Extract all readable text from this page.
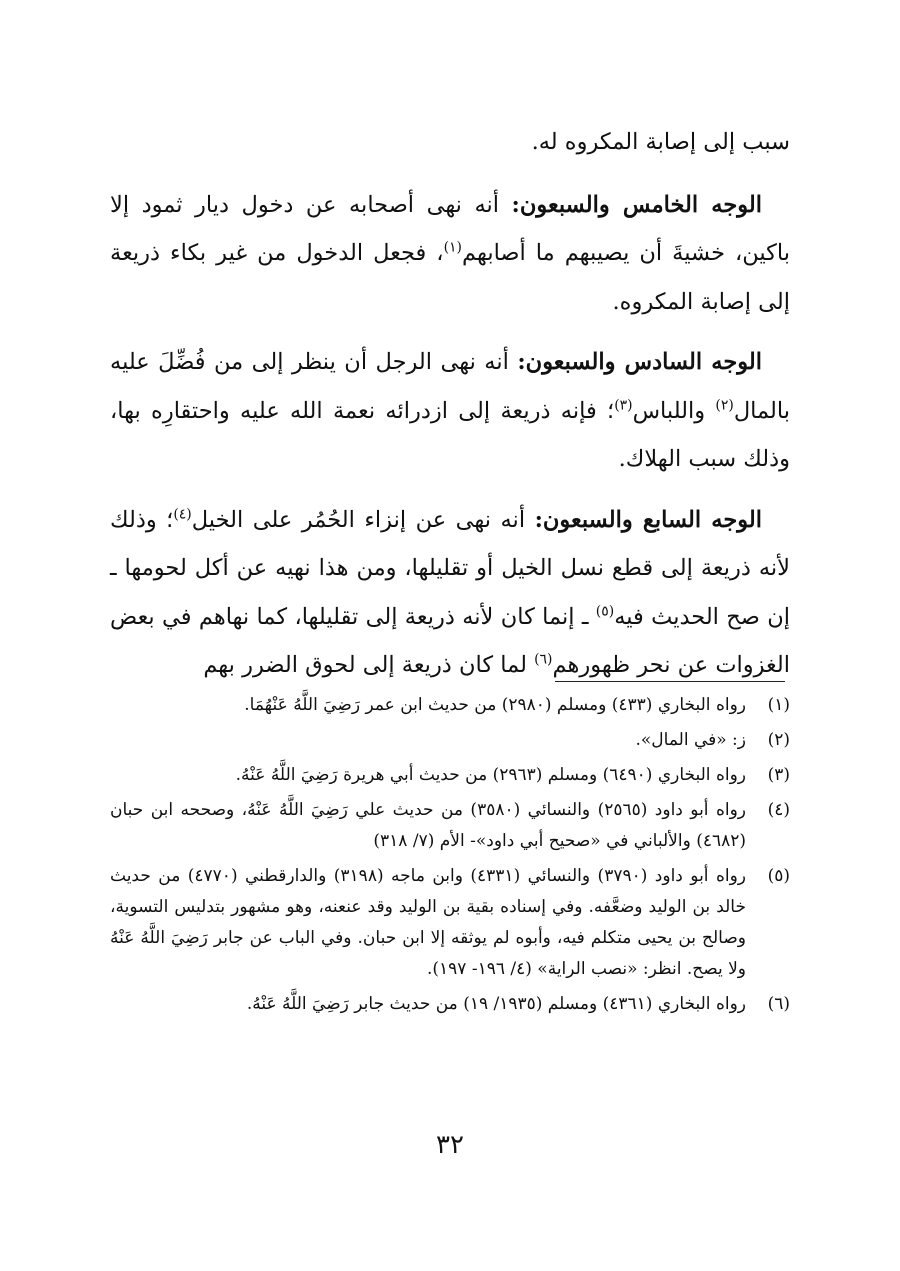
سبب إلى إصابة المكروه له.

الوجه الخامس والسبعون: أنه نهى أصحابه عن دخول ديار ثمود إلا باكين، خشيةَ أن يصيبهم ما أصابهم$^{(١)}$، فجعل الدخول من غير بكاء ذريعة إلى إصابة المكروه.

الوجه السادس والسبعون: أنه نهى الرجل أن ينظر إلى من فُضِّلَ عليه بالمال$^{(٢)}$ واللباس$^{(٣)}$؛ فإنه ذريعة إلى ازدرائه نعمة الله عليه واحتقارِه بها، وذلك سبب الهلاك.

الوجه السابع والسبعون: أنه نهى عن إنزاء الحُمُر على الخيل$^{(٤)}$؛ وذلك لأنه ذريعة إلى قطع نسل الخيل أو تقليلها، ومن هذا نهيه عن أكل لحومها ـ إن صح الحديث فيه$^{(٥)}$ ـ إنما كان لأنه ذريعة إلى تقليلها، كما نهاهم في بعض الغزوات عن نحر ظهورهم$^{(٦)}$ لما كان ذريعة إلى لحوق الضرر بهم

(١)
رواه البخاري (٤٣٣) ومسلم (٢٩٨٠) من حديث ابن عمر رَضِيَ اللَّهُ عَنْهُمَا.
(٢)
ز: «في المال».
(٣)
رواه البخاري (٦٤٩٠) ومسلم (٢٩٦٣) من حديث أبي هريرة رَضِيَ اللَّهُ عَنْهُ.
(٤)
رواه أبو داود (٢٥٦٥) والنسائي (٣٥٨٠) من حديث علي رَضِيَ اللَّهُ عَنْهُ، وصححه ابن حبان (٤٦٨٢) والألباني في «صحيح أبي داود»- الأم (٧/ ٣١٨)
(٥)
رواه أبو داود (٣٧٩٠) والنسائي (٤٣٣١) وابن ماجه (٣١٩٨) والدارقطني (٤٧٧٠) من حديث خالد بن الوليد وضعَّفه. وفي إسناده بقية بن الوليد وقد عنعنه، وهو مشهور بتدليس التسوية، وصالح بن يحيى متكلم فيه، وأبوه لم يوثقه إلا ابن حبان. وفي الباب عن جابر رَضِيَ اللَّهُ عَنْهُ ولا يصح. انظر: «نصب الراية» (٤/ ١٩٦- ١٩٧).
(٦)
رواه البخاري (٤٣٦١) ومسلم (١٩٣٥/ ١٩) من حديث جابر رَضِيَ اللَّهُ عَنْهُ.
٣٢
